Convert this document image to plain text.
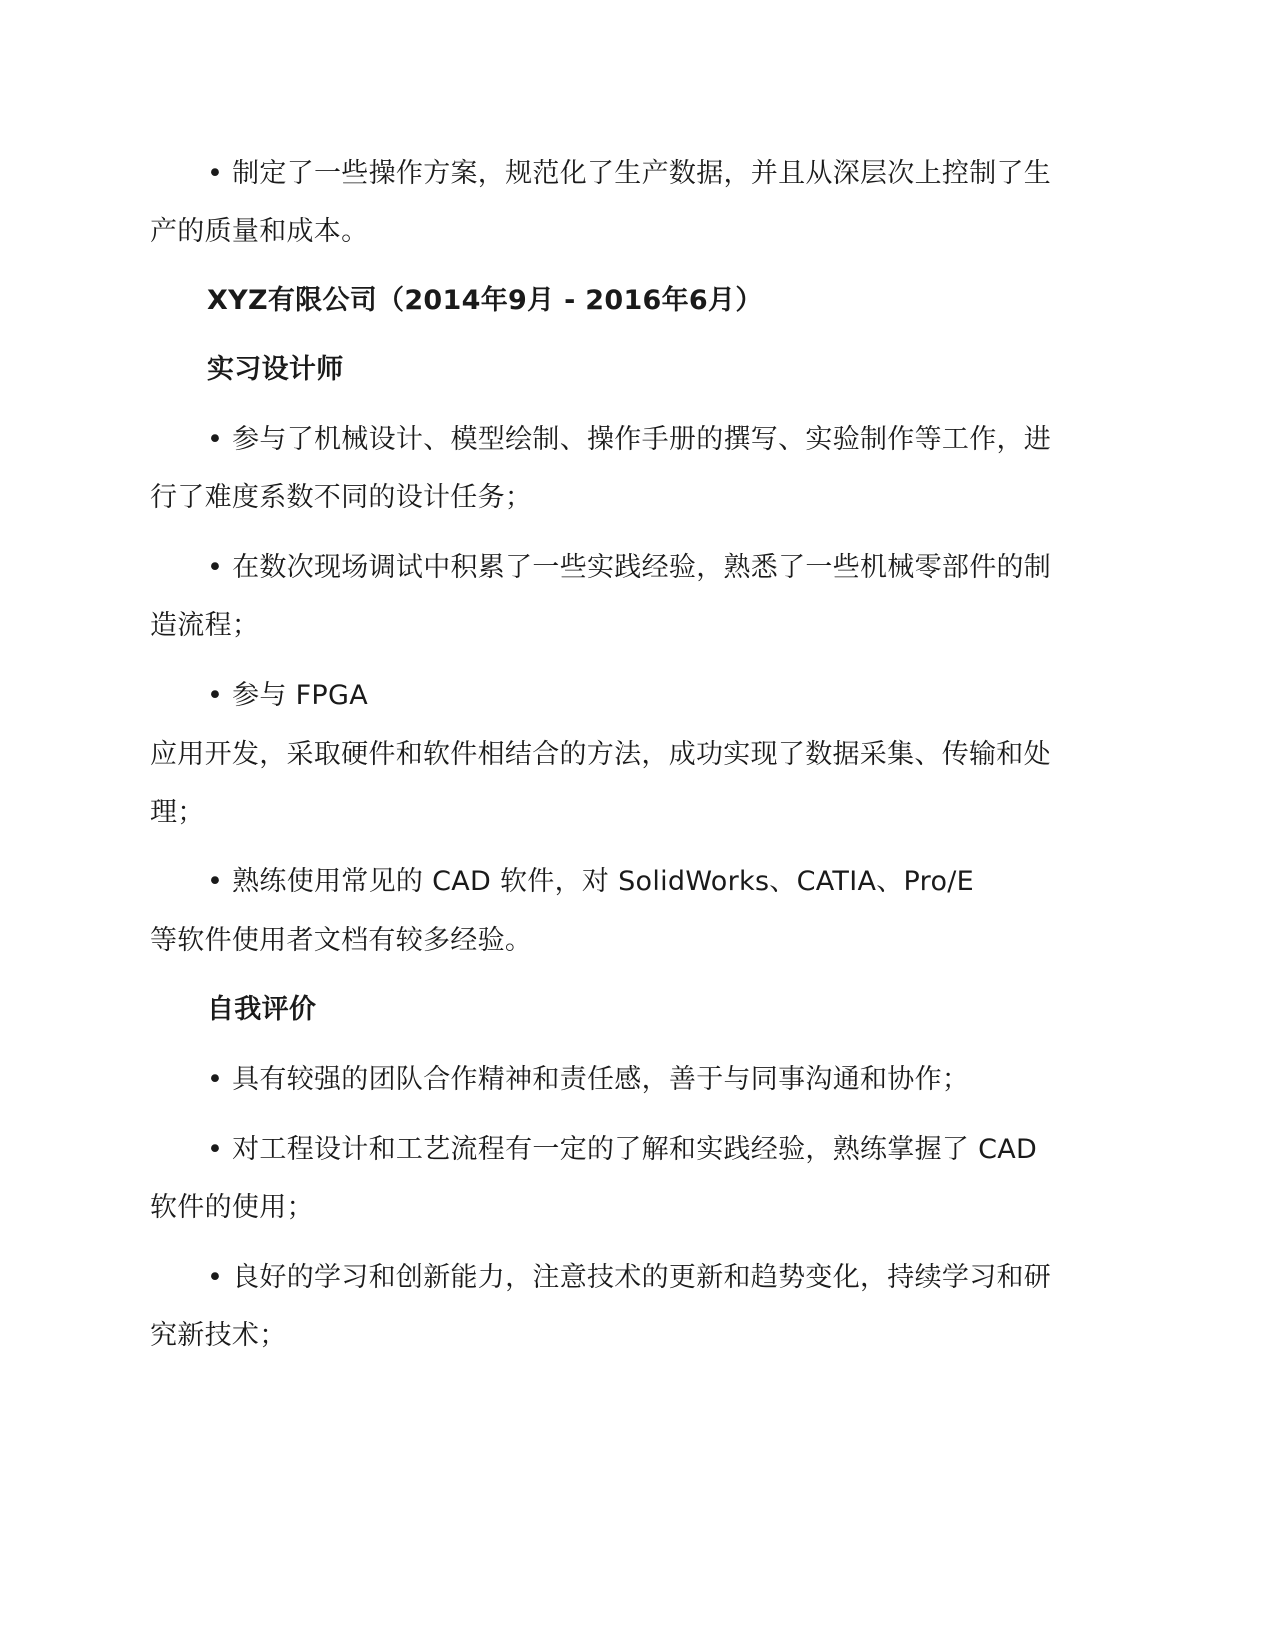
• 制定了一些操作方案，规范化了生产数据，并且从深层次上控制了生
产的质量和成本。
XYZ有限公司（2014年9月 - 2016年6月）
实习设计师
• 参与了机械设计、模型绘制、操作手册的撰写、实验制作等工作，进
行了难度系数不同的设计任务；
• 在数次现场调试中积累了一些实践经验，熟悉了一些机械零部件的制
造流程；
• 参与 FPGA
应用开发，采取硬件和软件相结合的方法，成功实现了数据采集、传输和处
理；
• 熟练使用常见的 CAD 软件，对 SolidWorks、CATIA、Pro/E
等软件使用者文档有较多经验。
自我评价
• 具有较强的团队合作精神和责任感，善于与同事沟通和协作；
• 对工程设计和工艺流程有一定的了解和实践经验，熟练掌握了 CAD
软件的使用；
• 良好的学习和创新能力，注意技术的更新和趋势变化，持续学习和研
究新技术；
